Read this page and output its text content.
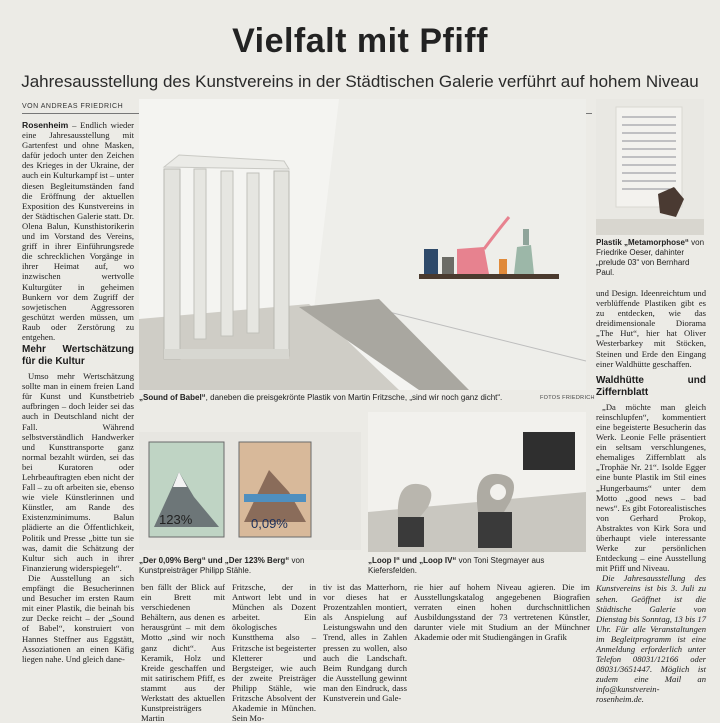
Vielfalt mit Pfiff
Jahresausstellung des Kunstvereins in der Städtischen Galerie verführt auf hohem Niveau
VON ANDREAS FRIEDRICH

Rosenheim – Endlich wieder eine Jahresausstellung mit Gartenfest und ohne Masken, dafür jedoch unter den Zeichen des Krieges in der Ukraine, der auch ein Kulturkampf ist – unter diesen Begleitumständen fand die Eröffnung der aktuellen Exposition des Kunstvereins in der Städtischen Galerie statt. Dr. Olena Balun, Kunsthistorikerin und im Vorstand des Vereins, griff in ihrer Einführungsrede die schrecklichen Vorgänge in ihrer Heimat auf, wo inzwischen wertvolle Kulturgüter in geheimen Bunkern vor dem Zugriff der sowjetischen Aggressoren geschützt werden müssen, um Raub oder Zerstörung zu entgehen.

Mehr Wertschätzung für die Kultur

Umso mehr Wertschätzung sollte man in einem freien Land für Kunst und Kunstbetrieb aufbringen – doch leider sei das auch in Deutschland nicht der Fall. Während selbstverständlich Handwerker und Kunsttransporte ganz normal bezahlt würden, sei das bei Kuratoren oder Lehrbeauftragten eben nicht der Fall – zu oft arbeiten sie, ebenso wie viele Künstlerinnen und Künstler, am Rande des Existenzminimums. Balun plädierte an die Öffentlichkeit, Politik und Presse „bitte tun sie was, damit die Schätzung der Kultur sich auch in ihrer Finanzierung widerspiegelt“.

Die Ausstellung an sich empfängt die Besucherinnen und Besucher im ersten Raum mit einer Plastik, die beinah bis zur Decke reicht – der „Sound of Babel“, konstruiert von Hannes Steffner aus Eggstätt, Assoziationen an einen Käfig liegen nahe. Und gleich dane-

„Sound of Babel“, daneben die preisgekrönte Plastik von Martin Fritzsche, „sind wir noch ganz dicht“.	FOTOS FRIEDRICH
Plastik „Metamorphose“ von Friedrike Oeser, dahinter „prelude 03“ von Bernhard Paul.

und Design. Ideenreichtum und verblüffende Plastiken gibt es zu entdecken, wie das dreidimensionale Diorama „The Hut“, hier hat Oliver Westerbarkey mit Stöcken, Steinen und Erde den Eingang einer Waldhütte geschaffen.

Waldhütte und Ziffernblatt

„Da möchte man gleich reinschlupfen“, kommentiert eine begeisterte Besucherin das Werk. Leonie Felle präsentiert ein seltsam verschlungenes, ehemaliges Ziffernblatt als „Trophäe Nr. 21“. Isolde Egger eine bunte Plastik im Stil eines „Hungerbaums“ unter dem Motto „good news – bad news“. Es gibt Fotorealistisches von Gerhard Prokop, Abstraktes von Kirk Sora und überhaupt viele interessante Werke zur persönlichen Entdeckung – eine Ausstellung mit Pfiff und Niveau.

Die Jahresausstellung des Kunstvereins ist bis 3. Juli zu sehen. Geöffnet ist die Städtische Galerie von Dienstag bis Sonntag, 13 bis 17 Uhr. Für alle Veranstaltungen im Begleitprogramm ist eine Anmeldung erforderlich unter Telefon 08031/12166 oder 08031/3651447. Möglich ist zudem eine Mail an info@kunstverein-rosenheim.de.

123%	0,09%
„Der 0,09% Berg“ und „Der 123% Berg“ von Kunstpreisträger Philipp Stähle.
„Loop I“ und „Loop IV“ von Toni Stegmayer aus Kiefersfelden.

ben fällt der Blick auf ein Brett mit verschiedenen Behältern, aus denen es herausgrünt – mit dem Motto „sind wir noch ganz dicht“. Aus Keramik, Holz und Kreide geschaffen und mit satirischem Pfiff, es stammt aus der Werkstatt des aktuellen Kunstpreisträgers Martin

Fritzsche, der in Antwort lebt und in München als Dozent arbeitet. Ein ökologisches Kunstthema also – Fritzsche ist begeisterter Kletterer und Bergsteiger, wie auch der zweite Preisträger Philipp Stähle, wie Fritzsche Absolvent der Akademie in München. Sein Mo-

tiv ist das Matterhorn, vor dieses hat er Prozentzahlen montiert, als Anspielung auf Leistungswahn und den Trend, alles in Zahlen pressen zu wollen, also auch die Landschaft. Beim Rundgang durch die Ausstellung gewinnt man den Eindruck, dass Kunstverein und Gale-

rie hier auf hohem Niveau agieren. Die im Ausstellungskatalog angegebenen Biografien verraten einen hohen durchschnittlichen Ausbildungsstand der 73 vertretenen Künstler, darunter viele mit Studium an der Münchner Akademie oder mit Studiengängen in Grafik
